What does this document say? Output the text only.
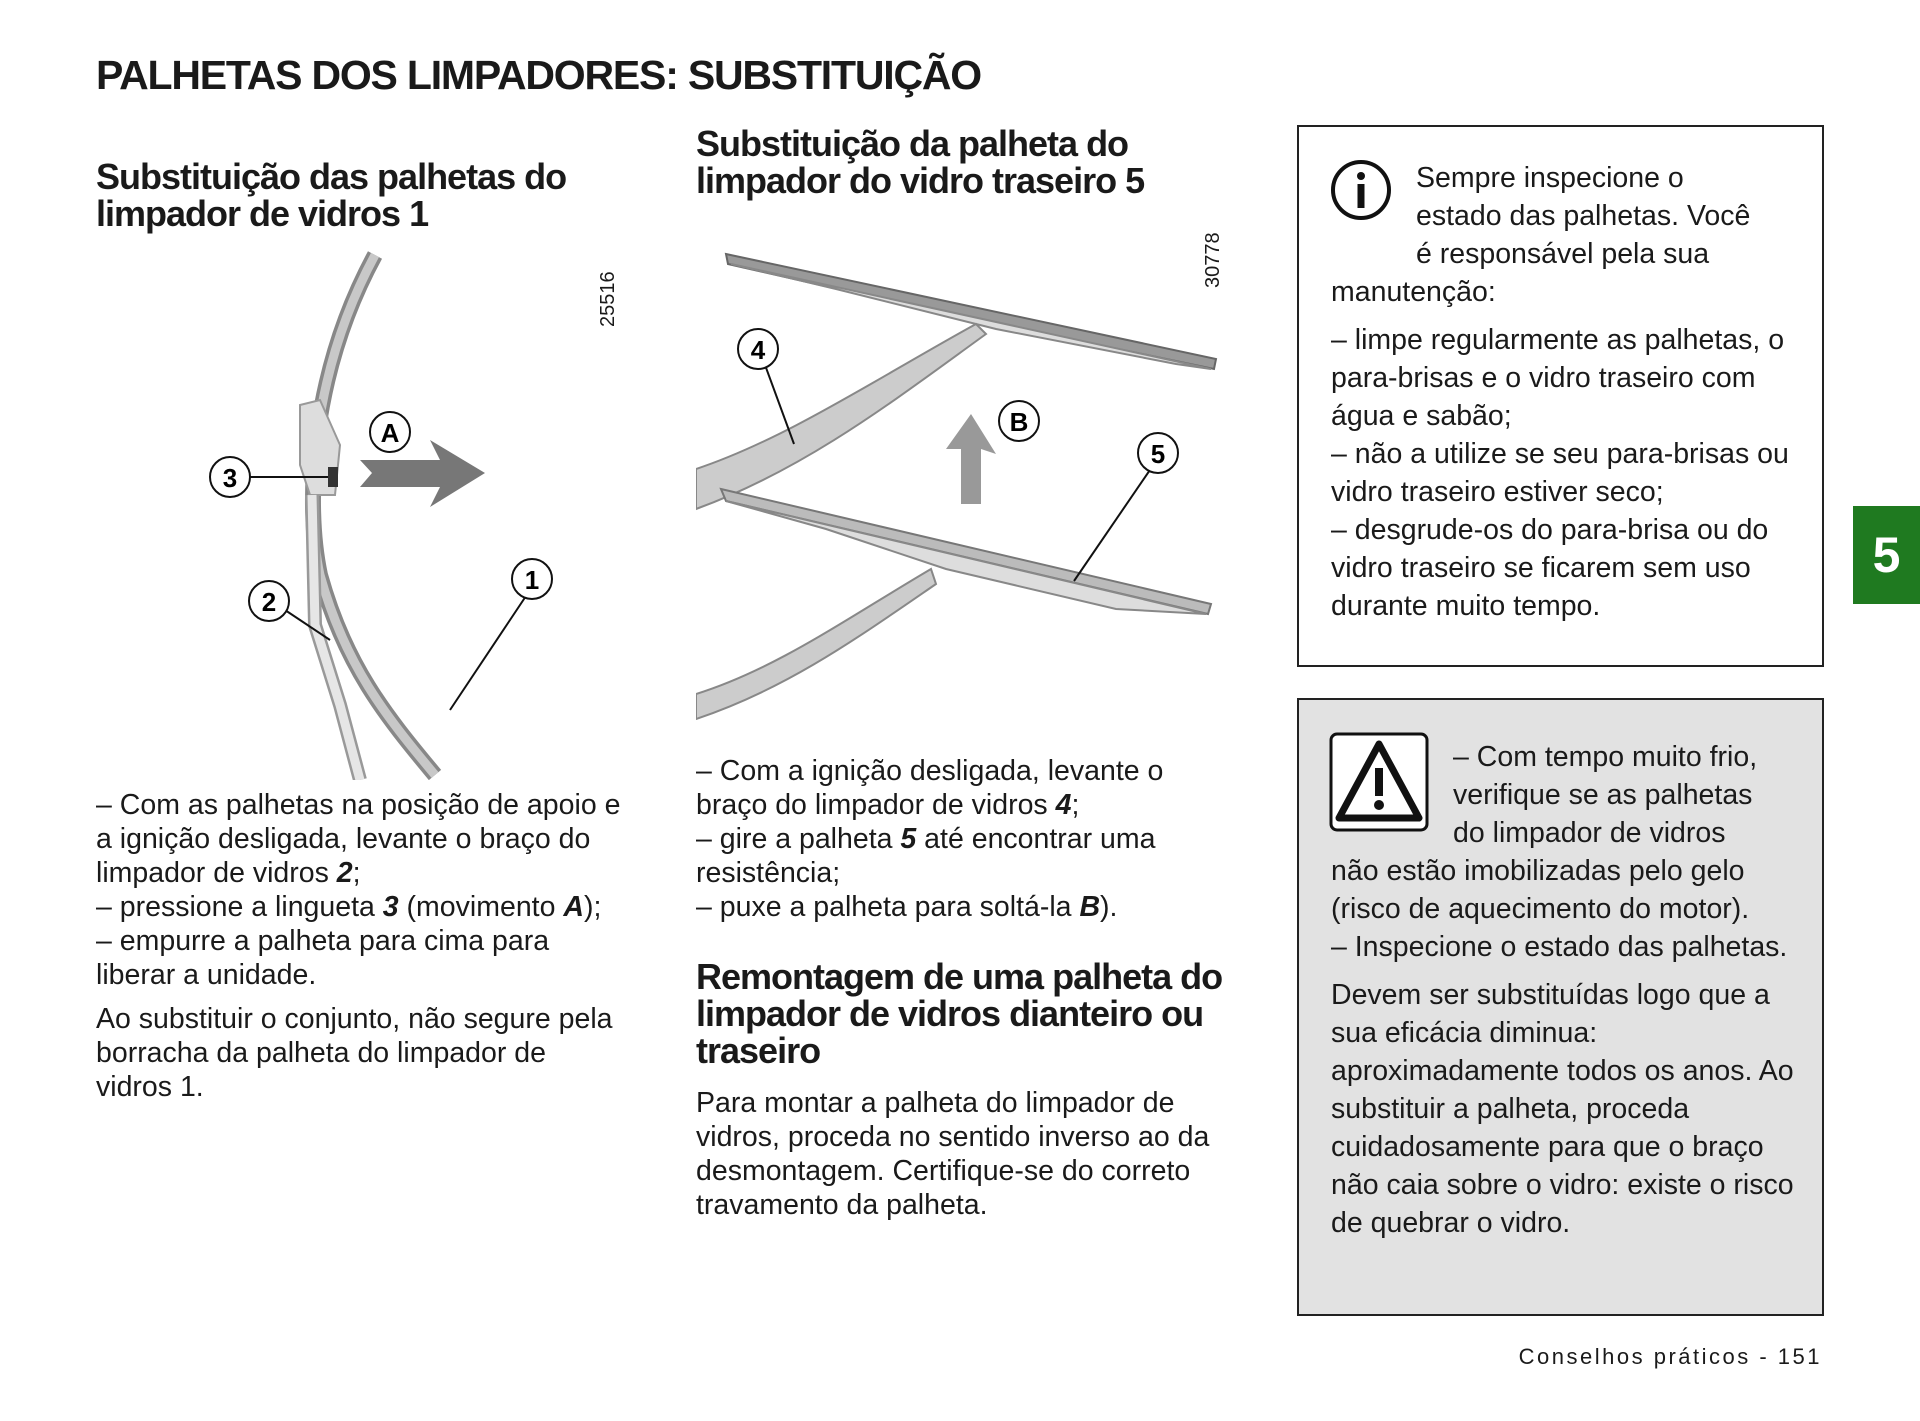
PALHETAS DOS LIMPADORES: SUBSTITUIÇÃO
Substituição das palhetas do limpador de vidros 1
3
A
2
1
25516

– Com as palhetas na posição de apoio e a ignição desligada, levante o braço do limpador de vidros 2;

– pressione a lingueta 3 (movimento A);

– empurre a palheta para cima para liberar a unidade.

Ao substituir o conjunto, não segure pela borracha da palheta do limpador de vidros 1.

Substituição da palheta do limpador do vidro traseiro 5
4
B
5
30778

– Com a ignição desligada, levante o braço do limpador de vidros 4;

– gire a palheta 5 até encontrar uma resistência;

– puxe a palheta para soltá-la B).

Remontagem de uma palheta do limpador de vidros dianteiro ou traseiro
Para montar a palheta do limpador de vidros, proceda no sentido inverso ao da desmontagem. Certifique-se do correto travamento da palheta.

Sempre inspecione o

estado das palhetas. Você

é responsável pela sua

manutenção:

– limpe regularmente as palhetas, o para-brisas e o vidro traseiro com água e sabão;

– não a utilize se seu para-brisas ou vidro traseiro estiver seco;

– desgrude-os do para-brisa ou do vidro traseiro se ficarem sem uso durante muito tempo.

– Com tempo muito frio,

verifique se as palhetas

do limpador de vidros

não estão imobilizadas pelo gelo (risco de aquecimento do motor).

– Inspecione o estado das palhetas.

Devem ser substituídas logo que a sua eficácia diminua: aproximadamente todos os anos. Ao substituir a palheta, proceda cuidadosamente para que o braço não caia sobre o vidro: existe o risco de quebrar o vidro.

5
Conselhos práticos - 151
